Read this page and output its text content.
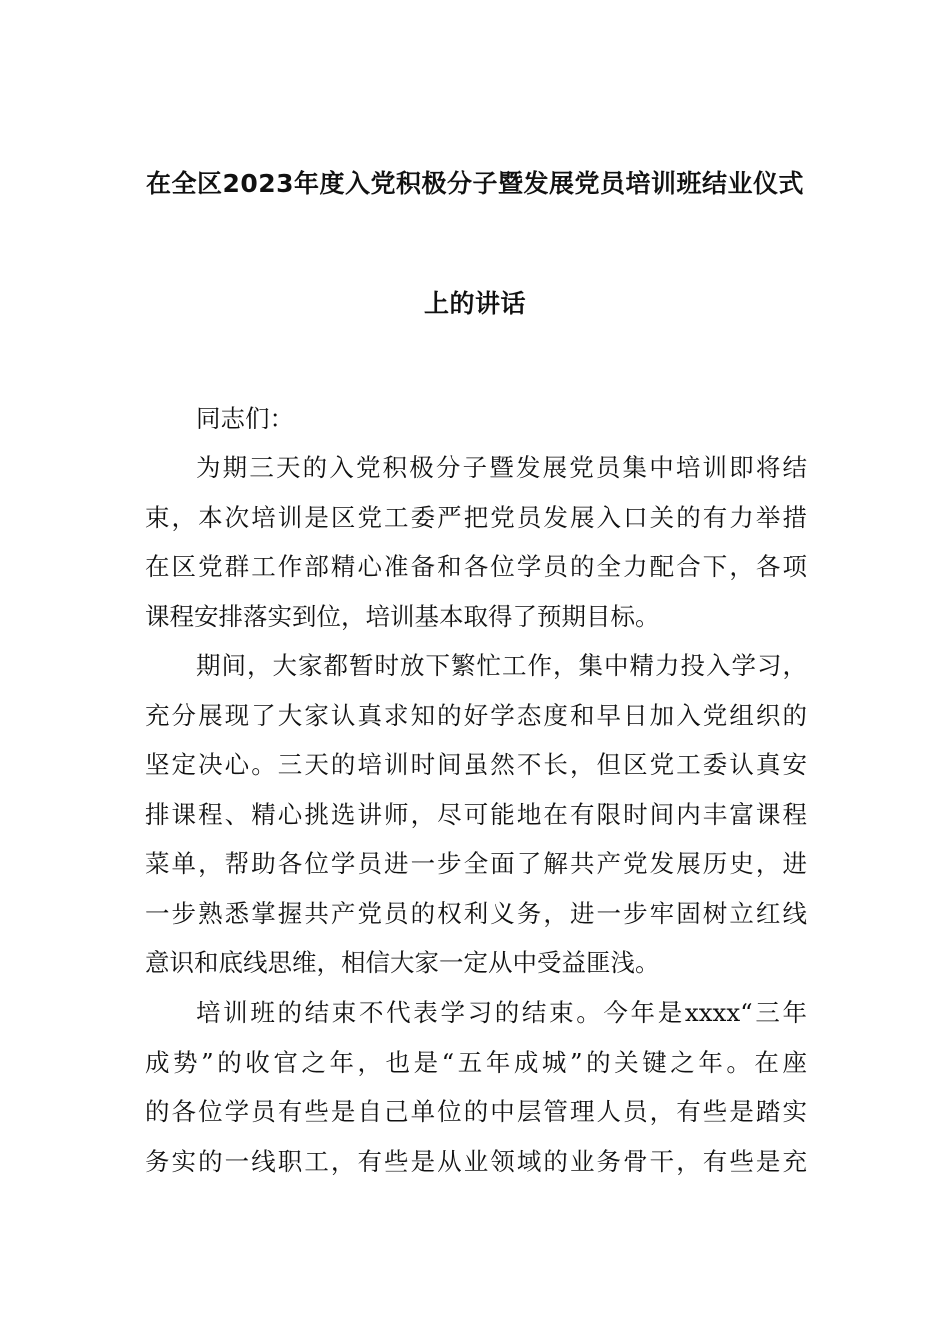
在全区2023年度入党积极分子暨发展党员培训班结业仪式
上的讲话
同志们：
为期三天的入党积极分子暨发展党员集中培训即将结
束，本次培训是区党工委严把党员发展入口关的有力举措
在区党群工作部精心准备和各位学员的全力配合下，各项
课程安排落实到位，培训基本取得了预期目标。
期间，大家都暂时放下繁忙工作，集中精力投入学习，
充分展现了大家认真求知的好学态度和早日加入党组织的
坚定决心。三天的培训时间虽然不长，但区党工委认真安
排课程、精心挑选讲师，尽可能地在有限时间内丰富课程
菜单，帮助各位学员进一步全面了解共产党发展历史，进
一步熟悉掌握共产党员的权利义务，进一步牢固树立红线
意识和底线思维，相信大家一定从中受益匪浅。
培训班的结束不代表学习的结束。今年是xxxx“三年
成势”的收官之年，也是“五年成城”的关键之年。在座
的各位学员有些是自己单位的中层管理人员，有些是踏实
务实的一线职工，有些是从业领域的业务骨干，有些是充
